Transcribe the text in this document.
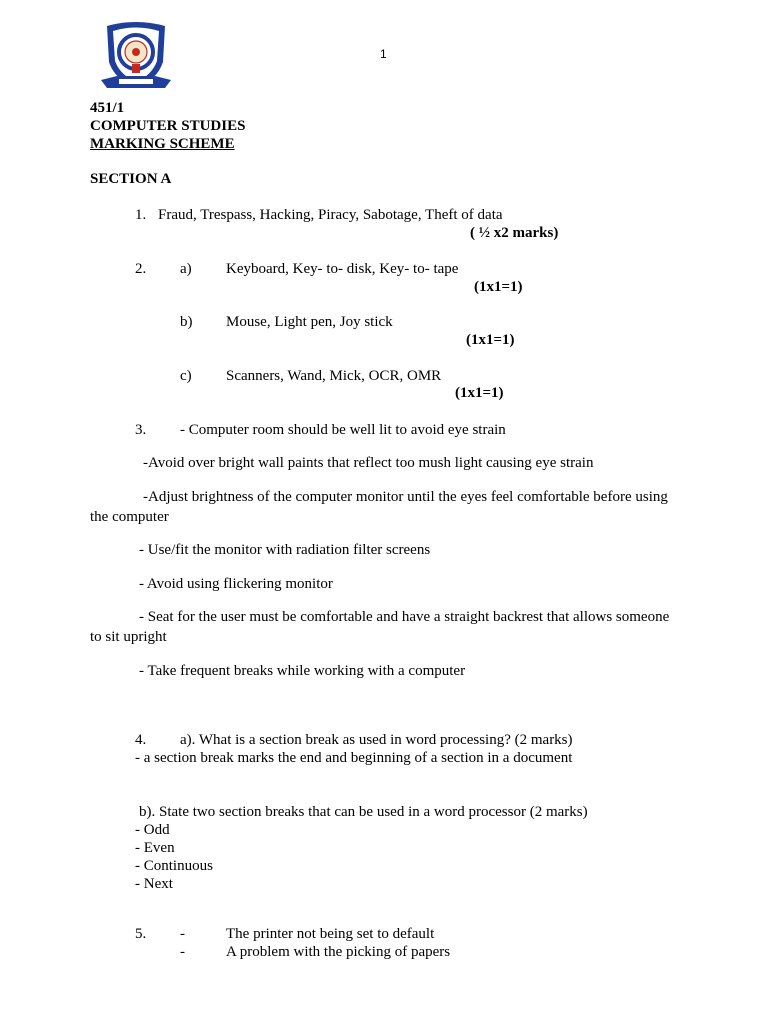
1
451/1
COMPUTER STUDIES
MARKING SCHEME
SECTION A
1. Fraud, Trespass, Hacking, Piracy, Sabotage, Theft of data
( ½ x2 marks)
2. a) Keyboard, Key- to- disk, Key- to- tape
(1x1=1)
b) Mouse, Light pen, Joy stick
(1x1=1)
c) Scanners, Wand, Mick, OCR, OMR
(1x1=1)
3. - Computer room should be well lit to avoid eye strain
-Avoid over bright wall paints that reflect too mush light causing eye strain
-Adjust brightness of the computer monitor until the eyes feel comfortable before using
the computer
- Use/fit the monitor with radiation filter screens
- Avoid using flickering monitor
- Seat for the user must be comfortable and have a straight backrest that allows someone
to sit upright
- Take frequent breaks while working with a computer
4. a). What is a section break as used in word processing? (2 marks)
- a section break marks the end and beginning of a section in a document
b). State two section breaks that can be used in a word processor (2 marks)
- Odd
- Even
- Continuous
- Next
5. -	The printer not being set to default
-	A problem with the picking of papers
